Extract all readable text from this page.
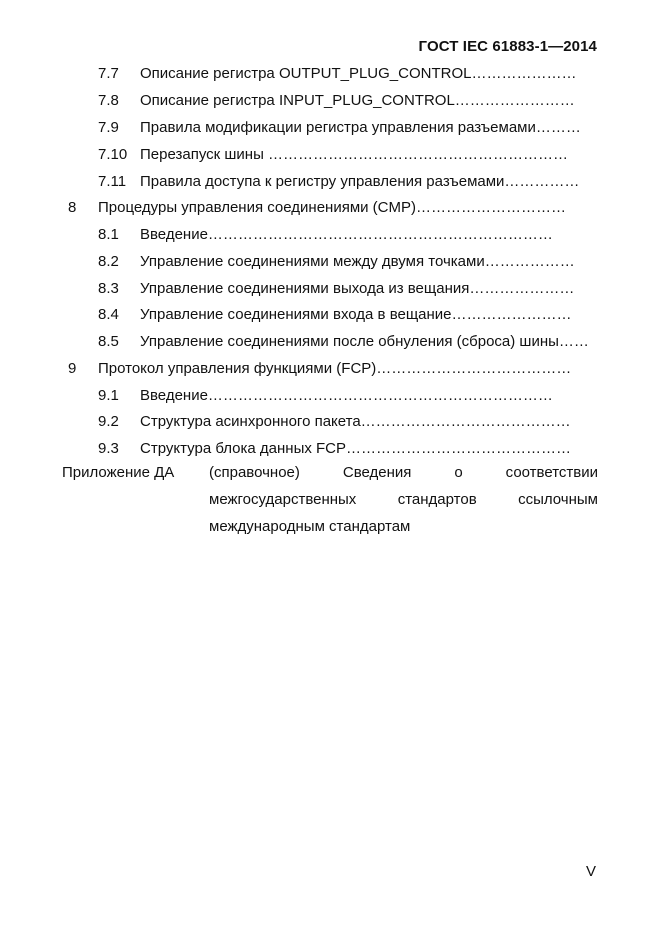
ГОСТ IEC 61883-1—2014
7.7 Описание регистра OUTPUT_PLUG_CONTROL…………………
7.8 Описание регистра INPUT_PLUG_CONTROL……………………
7.9 Правила модификации регистра управления разъемами………
7.10 Перезапуск шины ……………………………………………………
7.11 Правила доступа к регистру управления разъемами……………
8 Процедуры управления соединениями (CMP)…………………………
8.1 Введение……………………………………………………………
8.2 Управление соединениями между двумя точками………………
8.3 Управление соединениями выхода из вещания…………………
8.4 Управление соединениями входа в вещание……………………
8.5 Управление соединениями после обнуления (сброса) шины……
9 Протокол управления функциями (FCP)…………………………………
9.1 Введение……………………………………………………………
9.2 Структура асинхронного пакета……………………………………
9.3 Структура блока данных FCP………………………………………
Приложение ДА (справочное) Сведения о соответствии
межгосударственных стандартов ссылочным
международным стандартам
V
